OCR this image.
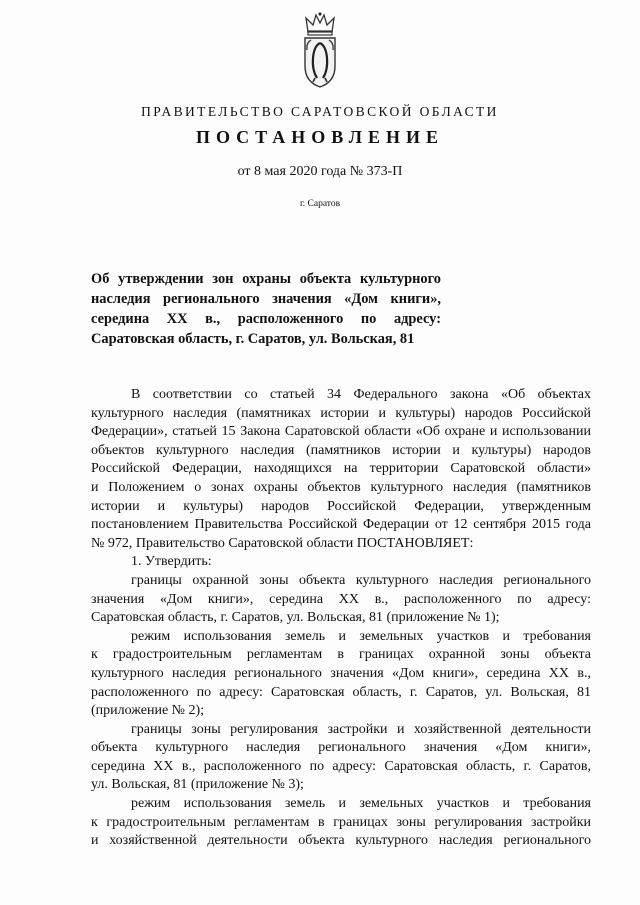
ПРАВИТЕЛЬСТВО САРАТОВСКОЙ ОБЛАСТИ
ПОСТАНОВЛЕНИЕ
от 8 мая 2020 года № 373-П
г. Саратов
Об утверждении зон охраны объекта культурного
наследия регионального значения «Дом книги»,
середина XX в., расположенного по адресу:
Саратовская область, г. Саратов, ул. Вольская, 81
В соответствии со статьей 34 Федерального закона «Об объектах
культурного наследия (памятниках истории и культуры) народов Российской
Федерации», статьей 15 Закона Саратовской области «Об охране и использовании
объектов культурного наследия (памятников истории и культуры) народов
Российской Федерации, находящихся на территории Саратовской области»
и Положением о зонах охраны объектов культурного наследия (памятников
истории и культуры) народов Российской Федерации, утвержденным
постановлением Правительства Российской Федерации от 12 сентября 2015 года
№ 972, Правительство Саратовской области ПОСТАНОВЛЯЕТ:
1. Утвердить:
границы охранной зоны объекта культурного наследия регионального
значения «Дом книги», середина XX в., расположенного по адресу:
Саратовская область, г. Саратов, ул. Вольская, 81 (приложение № 1);
режим использования земель и земельных участков и требования
к градостроительным регламентам в границах охранной зоны объекта
культурного наследия регионального значения «Дом книги», середина XX в.,
расположенного по адресу: Саратовская область, г. Саратов, ул. Вольская, 81
(приложение № 2);
границы зоны регулирования застройки и хозяйственной деятельности
объекта культурного наследия регионального значения «Дом книги»,
середина XX в., расположенного по адресу: Саратовская область, г. Саратов,
ул. Вольская, 81 (приложение № 3);
режим использования земель и земельных участков и требования
к градостроительным регламентам в границах зоны регулирования застройки
и хозяйственной деятельности объекта культурного наследия регионального
